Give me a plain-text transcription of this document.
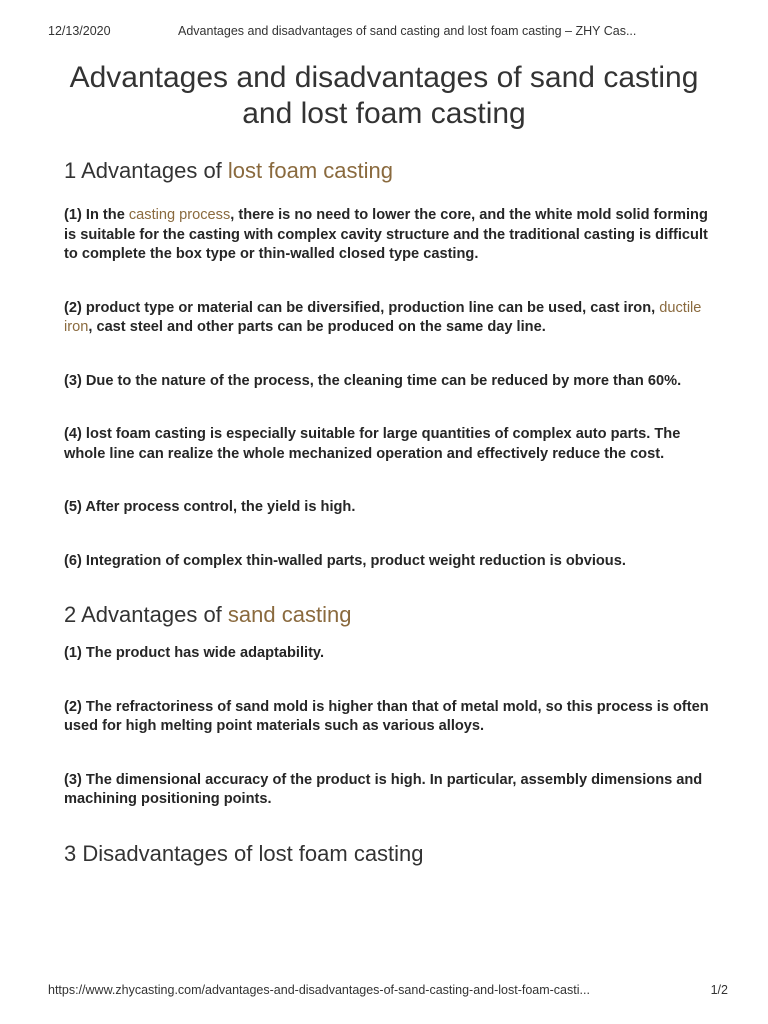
12/13/2020	Advantages and disadvantages of sand casting and lost foam casting – ZHY Cas...
Advantages and disadvantages of sand casting and lost foam casting
1 Advantages of lost foam casting

(1) In the casting process, there is no need to lower the core, and the white mold solid forming is suitable for the casting with complex cavity structure and the traditional casting is difficult to complete the box type or thin-walled closed type casting.

(2) product type or material can be diversified, production line can be used, cast iron, ductile iron, cast steel and other parts can be produced on the same day line.

(3) Due to the nature of the process, the cleaning time can be reduced by more than 60%.

(4) lost foam casting is especially suitable for large quantities of complex auto parts. The whole line can realize the whole mechanized operation and effectively reduce the cost.

(5) After process control, the yield is high.

(6) Integration of complex thin-walled parts, product weight reduction is obvious.

2 Advantages of sand casting

(1) The product has wide adaptability.

(2) The refractoriness of sand mold is higher than that of metal mold, so this process is often used for high melting point materials such as various alloys.

(3) The dimensional accuracy of the product is high. In particular, assembly dimensions and machining positioning points.

3 Disadvantages of lost foam casting
https://www.zhycasting.com/advantages-and-disadvantages-of-sand-casting-and-lost-foam-casti...	1/2
